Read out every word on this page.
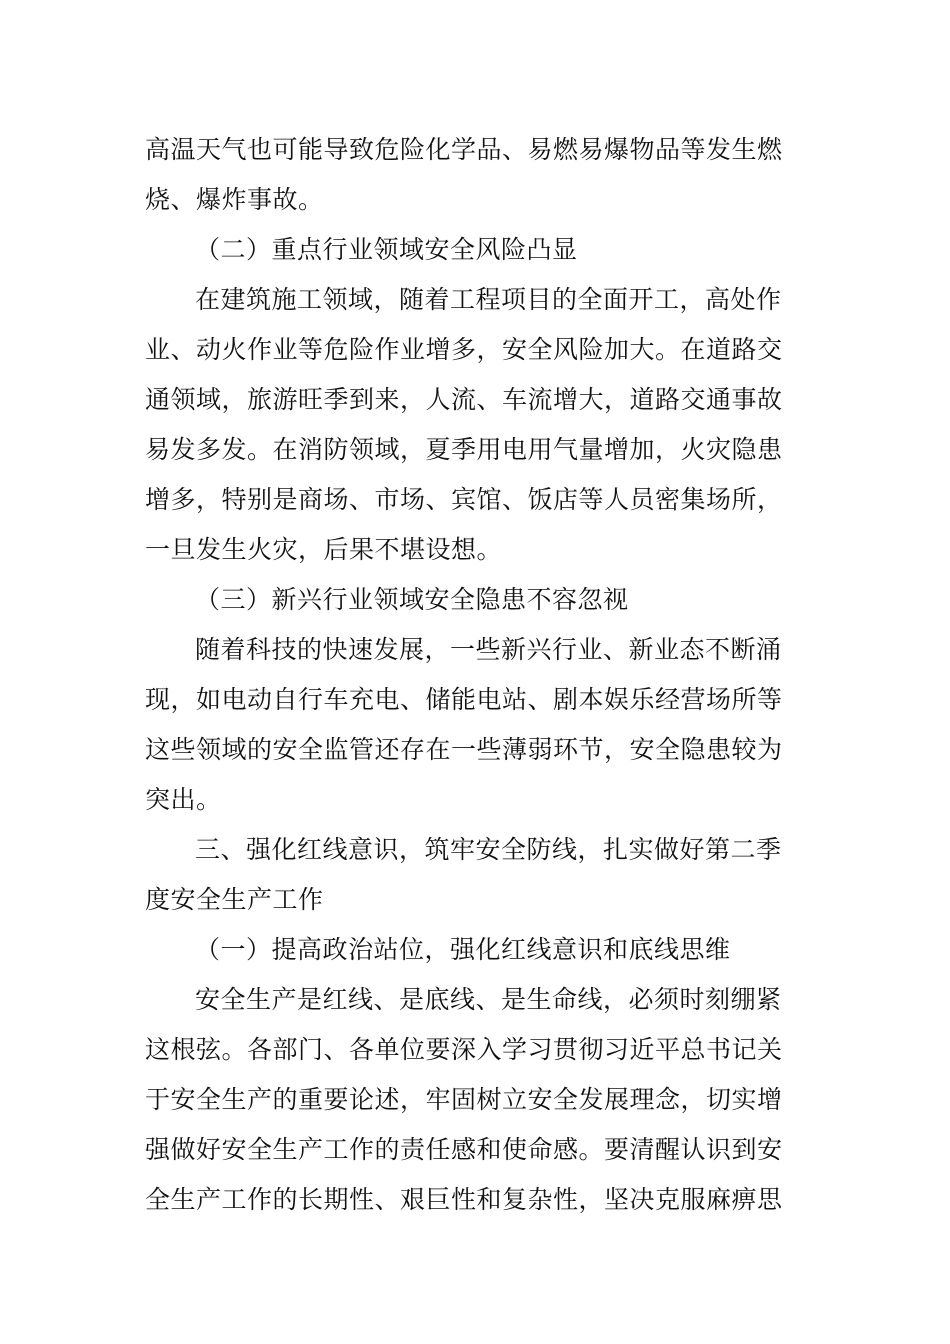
高温天气也可能导致危险化学品、易燃易爆物品等发生燃
烧、爆炸事故。
（二）重点行业领域安全风险凸显
在建筑施工领域，随着工程项目的全面开工，高处作
业、动火作业等危险作业增多，安全风险加大。在道路交
通领域，旅游旺季到来，人流、车流增大，道路交通事故
易发多发。在消防领域，夏季用电用气量增加，火灾隐患
增多，特别是商场、市场、宾馆、饭店等人员密集场所，
一旦发生火灾，后果不堪设想。
（三）新兴行业领域安全隐患不容忽视
随着科技的快速发展，一些新兴行业、新业态不断涌
现，如电动自行车充电、储能电站、剧本娱乐经营场所等
这些领域的安全监管还存在一些薄弱环节，安全隐患较为
突出。
三、强化红线意识，筑牢安全防线，扎实做好第二季
度安全生产工作
（一）提高政治站位，强化红线意识和底线思维
安全生产是红线、是底线、是生命线，必须时刻绷紧
这根弦。各部门、各单位要深入学习贯彻习近平总书记关
于安全生产的重要论述，牢固树立安全发展理念，切实增
强做好安全生产工作的责任感和使命感。要清醒认识到安
全生产工作的长期性、艰巨性和复杂性，坚决克服麻痹思
